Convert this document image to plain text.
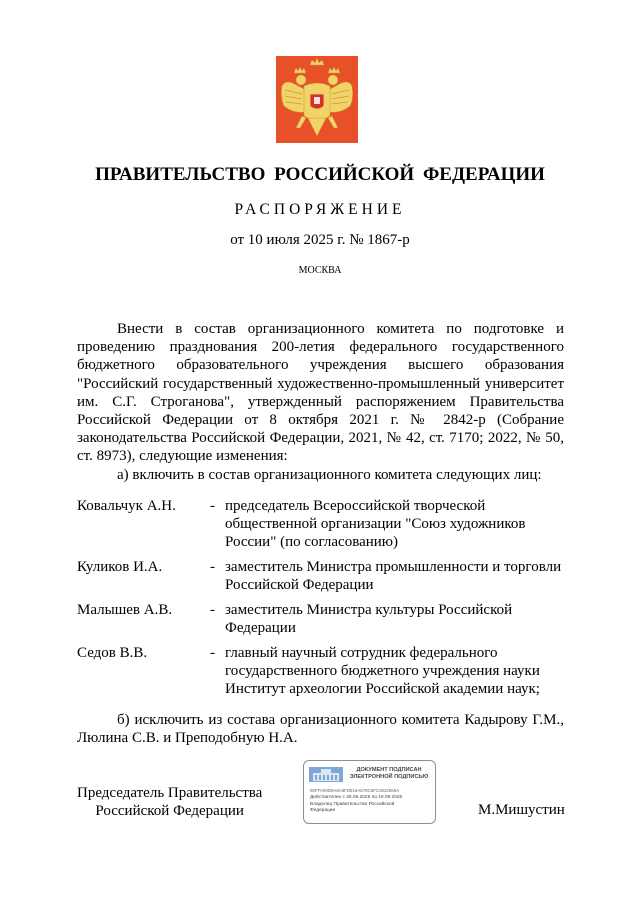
ПРАВИТЕЛЬСТВО РОССИЙСКОЙ ФЕДЕРАЦИИ
РАСПОРЯЖЕНИЕ
от 10 июля 2025 г. № 1867-р
МОСКВА

Внести в состав организационного комитета по подготовке и проведению празднования 200-летия федерального государственного бюджетного образовательного учреждения высшего образования "Российский государственный художественно-промышленный университет им. С.Г. Строганова", утвержденный распоряжением Правительства Российской Федерации от 8 октября 2021 г. № 2842-р (Собрание законодательства Российской Федерации, 2021, № 42, ст. 7170; 2022, № 50, ст. 8973), следующие изменения:

а) включить в состав организационного комитета следующих лиц:

Ковальчук А.Н. - председатель Всероссийской творческой общественной организации "Союз художников России" (по согласованию)
Куликов И.А.	- заместитель Министра промышленности и торговли Российской Федерации
Малышев А.В.	- заместитель Министра культуры Российской Федерации
Седов В.В.	- главный научный сотрудник федерального государственного бюджетного учреждения науки Институт археологии Российской академии наук;
б) исключить из состава организационного комитета Кадырову Г.М., Люлина С.В. и Преподобную Н.А.
Председатель Правительства
Российской Федерации
ДОКУМЕНТ ПОДПИСАН
ЭЛЕКТРОННОЙ ПОДПИСЬЮ
00FFA09D9A6A8FD915A579C6FC0622565A
Действителен с 26.06.2025 по 19.09.2026
Владелец Правительство Российской Федерации	М.Мишустин
